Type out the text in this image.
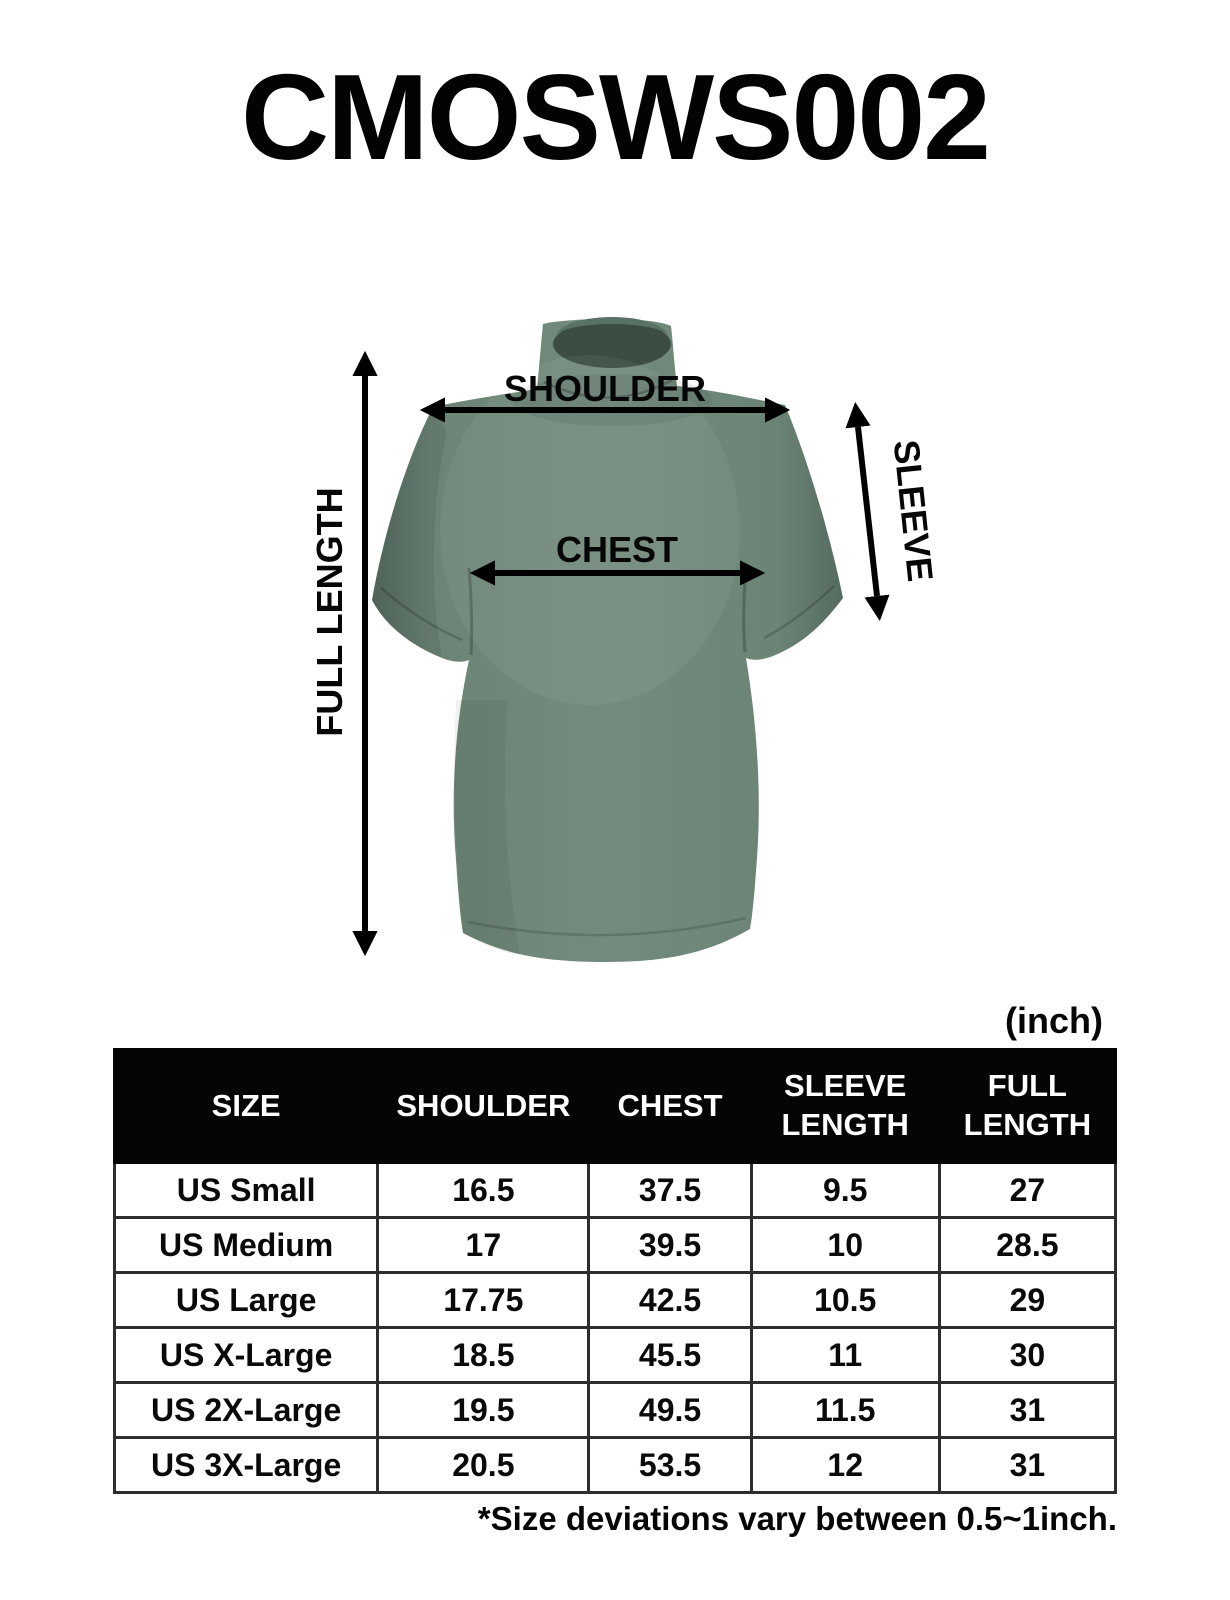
CMOSWS002
SHOULDER
CHEST	SLEEVE
FULL LENGTH
(inch)
SIZE	SHOULDER	CHEST	SLEEVE LENGTH	FULL LENGTH
US Small	16.5	37.5	9.5	27
US Medium	17	39.5	10	28.5
US Large	17.75	42.5	10.5	29
US X-Large	18.5	45.5	11	30
US 2X-Large	19.5	49.5	11.5	31
US 3X-Large	20.5	53.5	12	31
*Size deviations vary between 0.5~1inch.
